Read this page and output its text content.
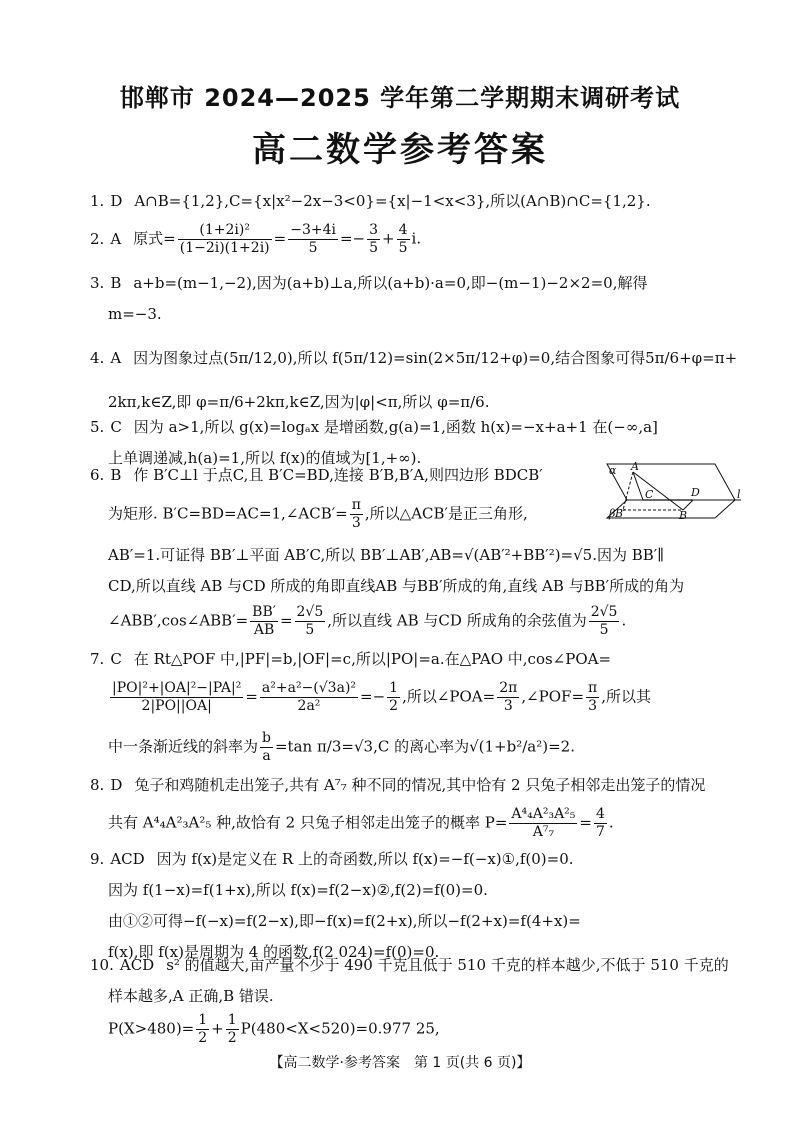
邯郸市 2024—2025 学年第二学期期末调研考试
高二数学参考答案
1. D A∩B={1,2},C={x|x²−2x−3<0}={x|−1<x<3},所以(A∩B)∩C={1,2}.
2. A 原式= $\frac{\text{(1+2i)²}}{(1-2i)(1+2i)} = \frac{-3+4i}{5} =- \frac{3}{5} + \frac{4}{5} i$.
3. B a+b=(m−1,−2),因为(a+b)⊥a,所以(a+b)·a=0,即−(m−1)−2×2=0,解得
m=−3.
4. A 因为图象过点(5π/12,0),所以 f(5π/12)=sin(2×5π/12+φ)=0,结合图象可得5π/6+φ=π+
2kπ,k∈Z,即 φ=π/6+2kπ,k∈Z,因为|φ|<π,所以 φ=π/6.
5. C 因为 a>1,所以 g(x)=logₐx 是增函数,g(a)=1,函数 h(x)=−x+a+1 在(−∞,a]
上单调递减,h(a)=1,所以 f(x)的值域为[1,+∞).
6. B 作 B′C⊥l 于点C,且 B′C=BD,连接 B′B,B′A,则四边形 BDCB′
为矩形. B′C=BD=AC=1,∠ACB′= $\frac{\pi}{3}$ ,所以△ACB′是正三角形,
AB′=1.可证得 BB′⊥平面 AB′C,所以 BB′⊥AB′,AB=√(AB′²+BB′²)=√5.因为 BB′∥
CD,所以直线 AB 与CD 所成的角即直线AB 与BB′所成的角,直线 AB 与BB′所成的角为
∠ABB′,cos∠ABB′= $\frac{BB'}{AB} = \frac{2√5}{5}$ ,所以直线 AB 与CD 所成角的余弦值为 $\frac{2√5}{5}$ .
α A
C	D	l
β B′	B
7. C 在 Rt△POF 中,|PF|=b,|OF|=c,所以|PO|=a.在△PAO 中,cos∠POA=
$\frac{\text{|PO|²+|OA|²−|PA|²}}{2|PO||OA|} = \frac{\text{a²+a²−(√3a)²}}{\text{2a²}} =- \frac{1}{2}$ ,所以∠POA= $\frac{2\pi}{3}$ ,∠POF= $\frac{\pi}{3}$ ,所以其
中一条渐近线的斜率为 $\frac{b}{a} =\tan$ π/3=√3,C 的离心率为√(1+b²/a²)=2.
8. D 兔子和鸡随机走出笼子,共有 A⁷₇ 种不同的情况,其中恰有 2 只兔子相邻走出笼子的情况
共有 A⁴₄A²₃A²₅ 种,故恰有 2 只兔子相邻走出笼子的概率 $P= \frac{\text{A⁴₄A²₃A²₅}}{\text{A⁷₇}} = \frac{4}{7}$ .
9. ACD 因为 f(x)是定义在 R 上的奇函数,所以 f(x)=−f(−x)①,f(0)=0.
因为 f(1−x)=f(1+x),所以 f(x)=f(2−x)②,f(2)=f(0)=0.
由①②可得−f(−x)=f(2−x),即−f(x)=f(2+x),所以−f(2+x)=f(4+x)=
f(x),即 f(x)是周期为 4 的函数,f(2 024)=f(0)=0.
10. ACD s² 的值越大,亩产量不少于 490 千克且低于 510 千克的样本越少,不低于 510 千克的
样本越多,A 正确,B 错误.
$P(X>480)= \frac{1}{2} + \frac{1}{2} P(480<X<520)=0.977$ 25,
【高二数学·参考答案　第 1 页(共 6 页)】
